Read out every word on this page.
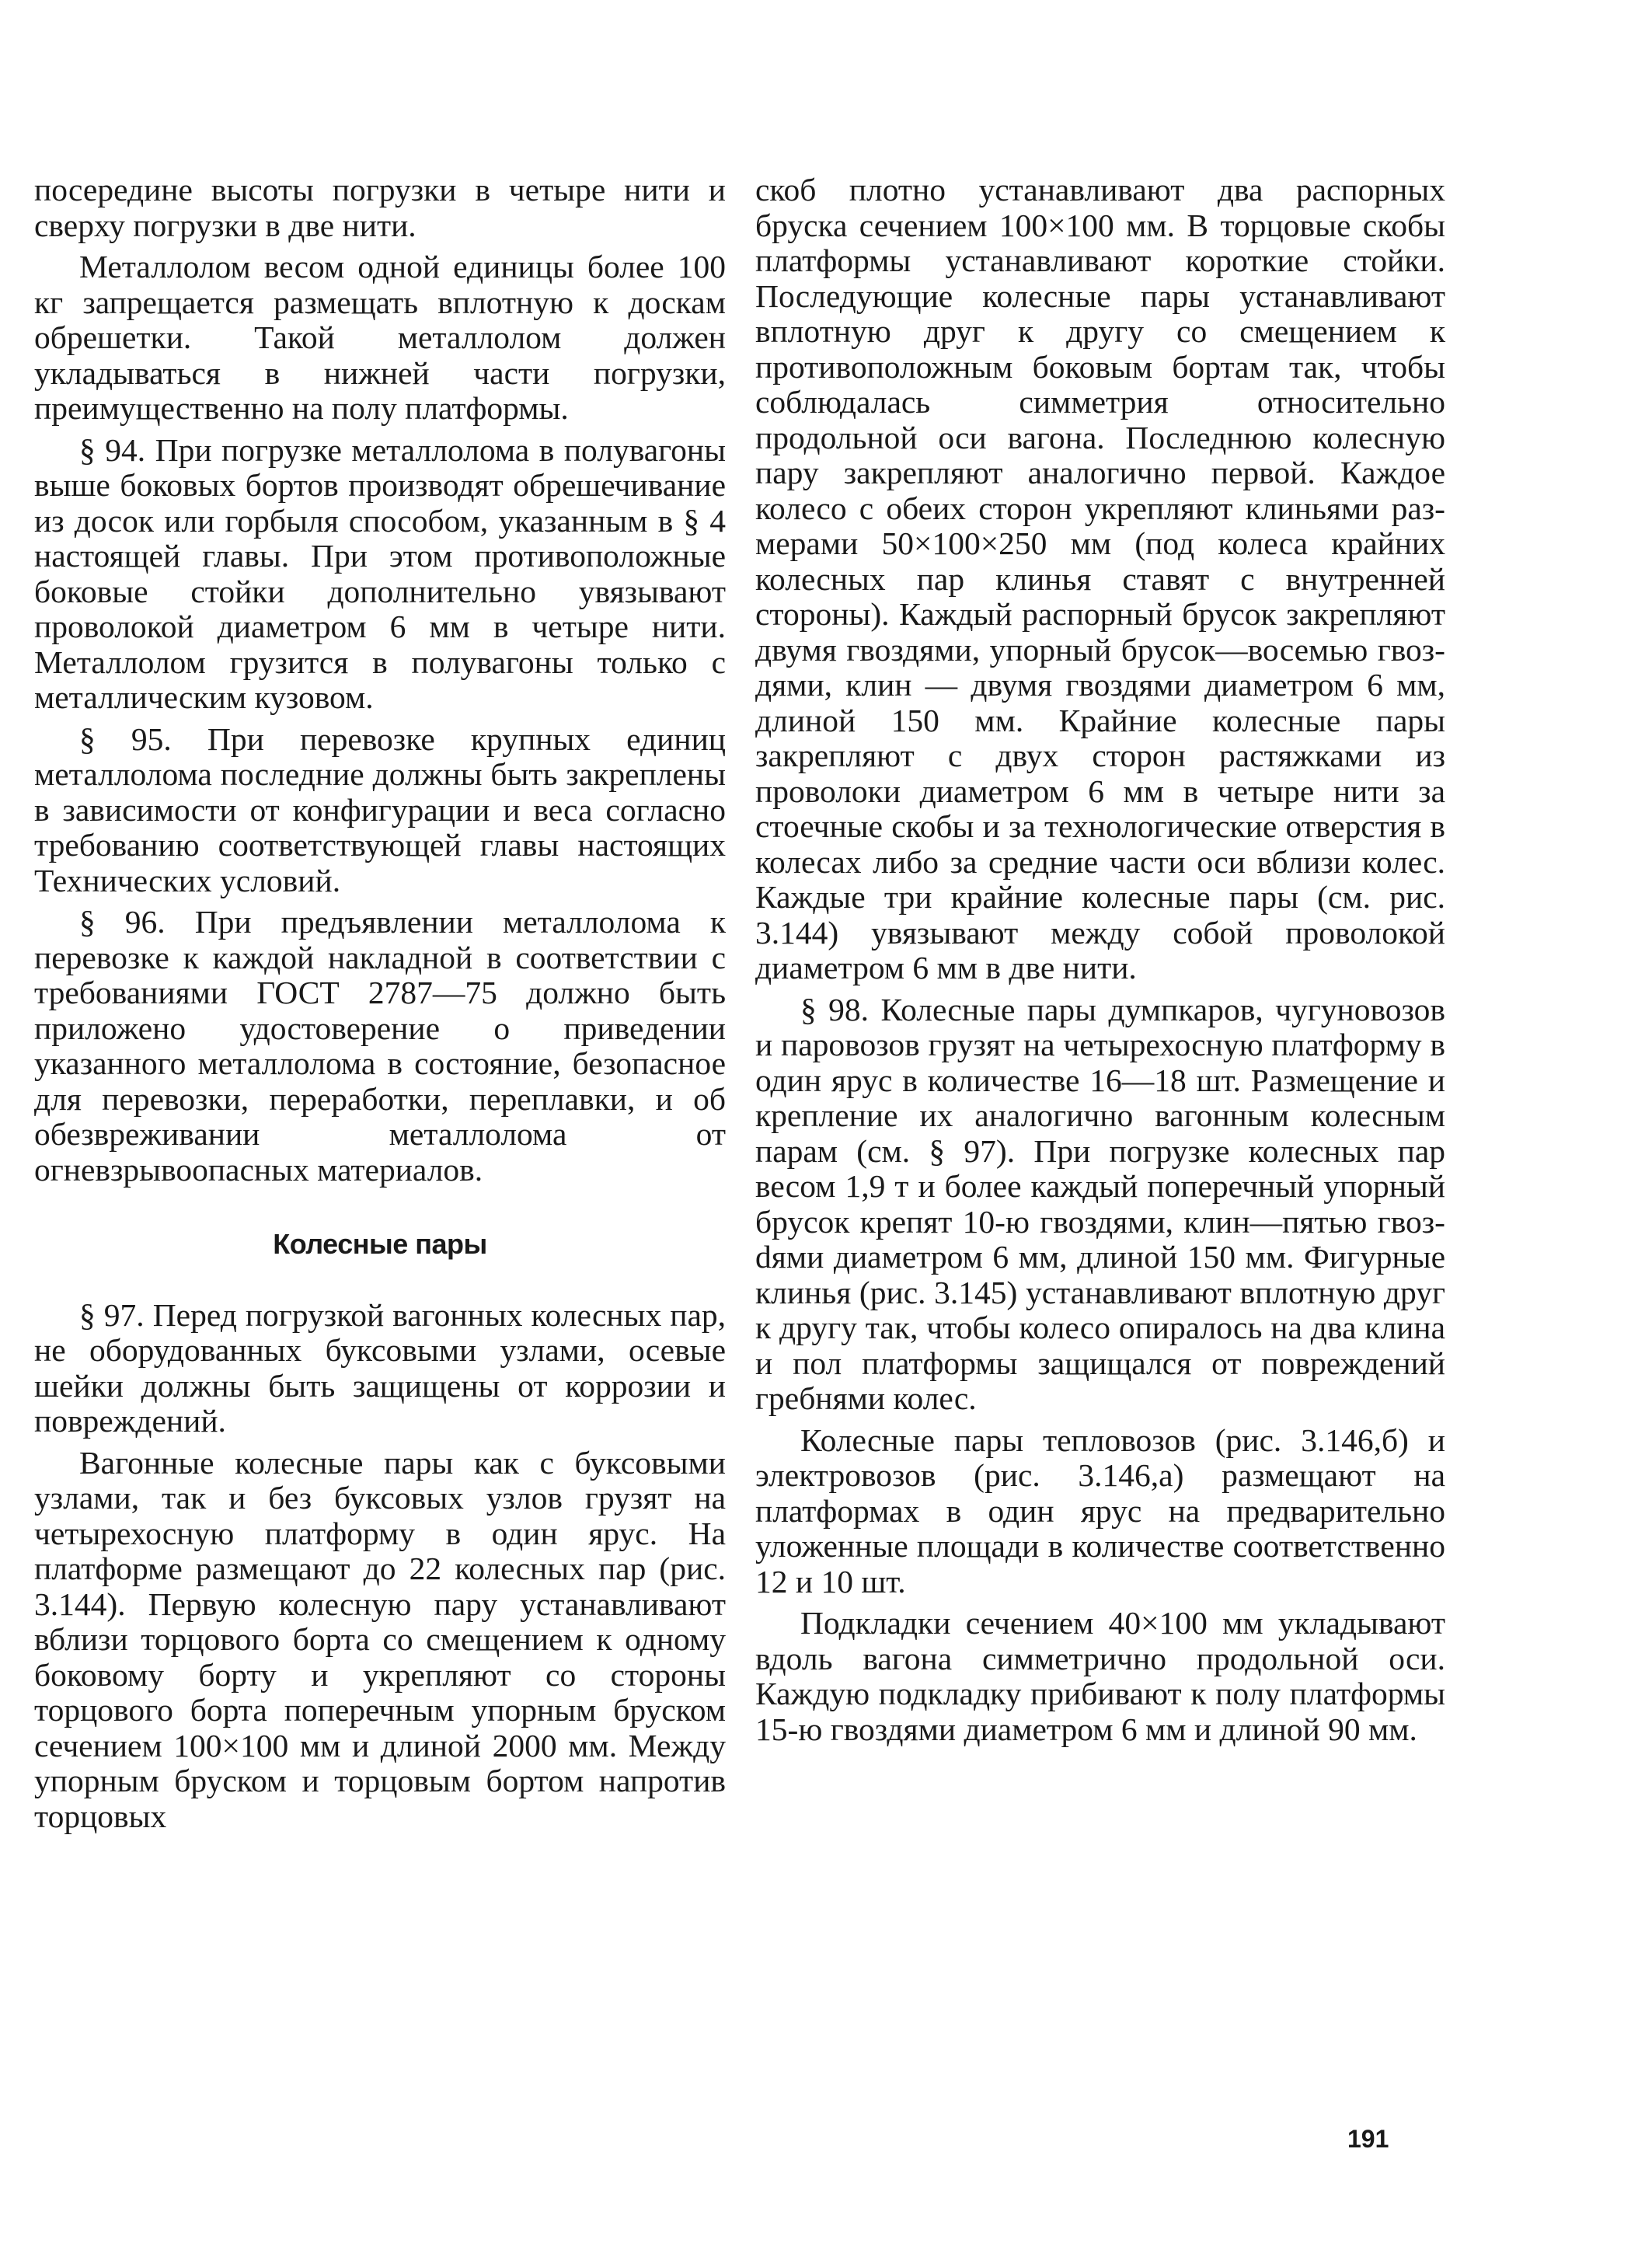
посередине высоты погрузки в четыре нити и сверху погрузки в две нити.

Металлолом весом одной единицы более 100 кг запрещается размещать вплотную к доскам обрешетки. Такой металлолом должен укладываться в нижней части погрузки, преимущественно на полу платформы.

§ 94. При погрузке металлолома в полувагоны выше боковых бортов производят обрешечивание из досок или горбыля способом, указанным в § 4 настоящей главы. При этом противоположные боковые стойки дополнительно увязывают проволокой диаметром 6 мм в четыре нити. Металлолом грузится в полувагоны только с металлическим кузовом.

§ 95. При перевозке крупных единиц металлолома последние должны быть закреплены в зависимости от конфигурации и веса согласно требованию соответствующей главы настоящих Технических условий.

§ 96. При предъявлении металлолома к перевозке к каждой накладной в соответствии с требованиями ГОСТ 2787—75 должно быть приложено удостоверение о приведении указанного металлолома в состояние, безопасное для перевозки, переработки, переплавки, и об обезвреживании металлолома от огневзрывоопасных материалов.

Колесные пары

§ 97. Перед погрузкой вагонных колесных пар, не оборудованных буксовыми узлами, осевые шейки должны быть защищены от коррозии и повреждений.

Вагонные колесные пары как с буксовыми узлами, так и без буксовых узлов грузят на четырехосную платформу в один ярус. На платформе размещают до 22 колесных пар (рис. 3.144). Первую колесную пару устанавливают вблизи торцового борта со смещением к одному боковому борту и укрепляют со стороны торцового борта поперечным упорным бруском сечением 100×100 мм и длиной 2000 мм. Между упорным бруском и торцовым бортом напротив торцовых

скоб плотно устанавливают два распорных бруска сечением 100×100 мм. В торцовые скобы платформы устанавливают короткие стойки. Последующие колесные пары устанавливают вплотную друг к другу со смещением к противоположным боковым бортам так, чтобы соблюдалась симметрия относительно продольной оси вагона. Последнюю колесную пару закрепляют аналогично первой. Каждое колесо с обеих сторон укрепляют клиньями размерами 50×100×250 мм (под колеса крайних колесных пар клинья ставят с внутренней стороны). Каждый распорный брусок закрепляют двумя гвоздями, упорный брусок—восемью гвоздями, клин — двумя гвоздями диаметром 6 мм, длиной 150 мм. Крайние колесные пары закрепляют с двух сторон растяжками из проволоки диаметром 6 мм в четыре нити за стоечные скобы и за технологические отверстия в колесах либо за средние части оси вблизи колес. Каждые три крайние колесные пары (см. рис. 3.144) увязывают между собой проволокой диаметром 6 мм в две нити.

§ 98. Колесные пары думпкаров, чугуновозов и паровозов грузят на четырехосную платформу в один ярус в количестве 16—18 шт. Размещение и крепление их аналогично вагонным колесным парам (см. § 97). При погрузке колесных пар весом 1,9 т и более каждый поперечный упорный брусок крепят 10-ю гвоздями, клин—пятью гвозdями диаметром 6 мм, длиной 150 мм. Фигурные клинья (рис. 3.145) устанавливают вплотную друг к другу так, чтобы колесо опиралось на два клина и пол платформы защищался от повреждений гребнями колес.

Колесные пары тепловозов (рис. 3.146,б) и электровозов (рис. 3.146,а) размещают на платформах в один ярус на предварительно уложенные площади в количестве соответственно 12 и 10 шт.

Подкладки сечением 40×100 мм укладывают вдоль вагона симметрично продольной оси. Каждую подкладку прибивают к полу платформы 15-ю гвоздями диаметром 6 мм и длиной 90 мм.

191
